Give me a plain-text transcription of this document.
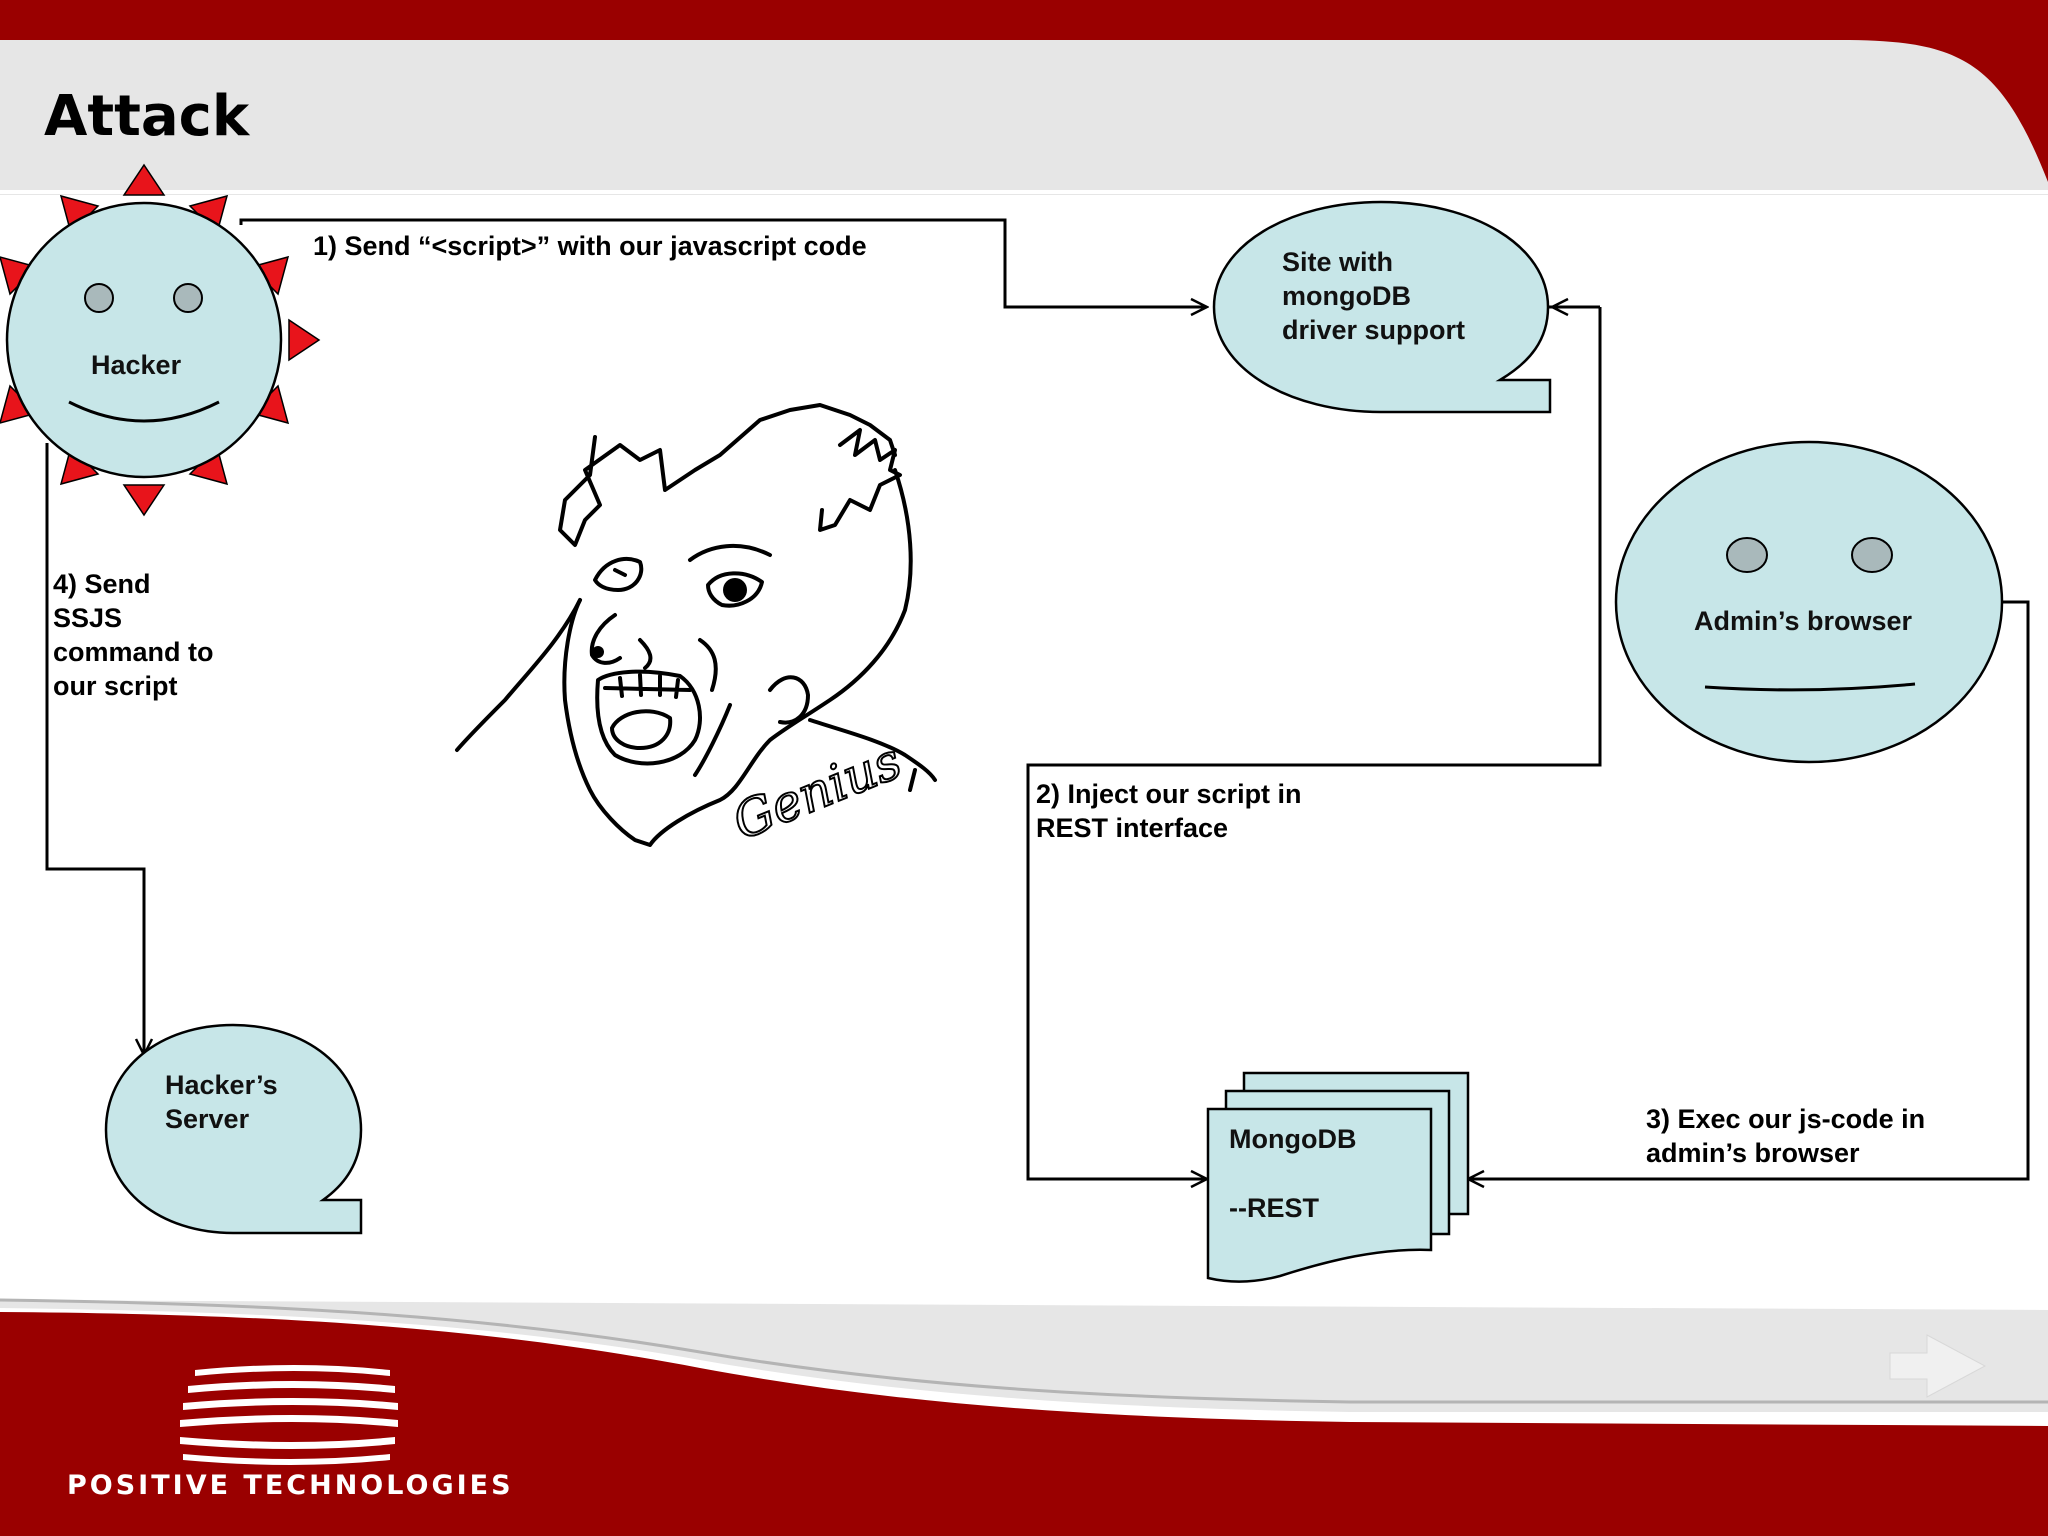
Attack
POSITIVE TECHNOLOGIES
Hacker
Site with mongoDB driver support
Admin’s browser
Hacker’s Server
MongoDB --REST
1) Send “<script>” with our javascript code
2) Inject our script in REST interface
3) Exec our js-code in admin’s browser
4) Send SSJS command to our script
Genius
